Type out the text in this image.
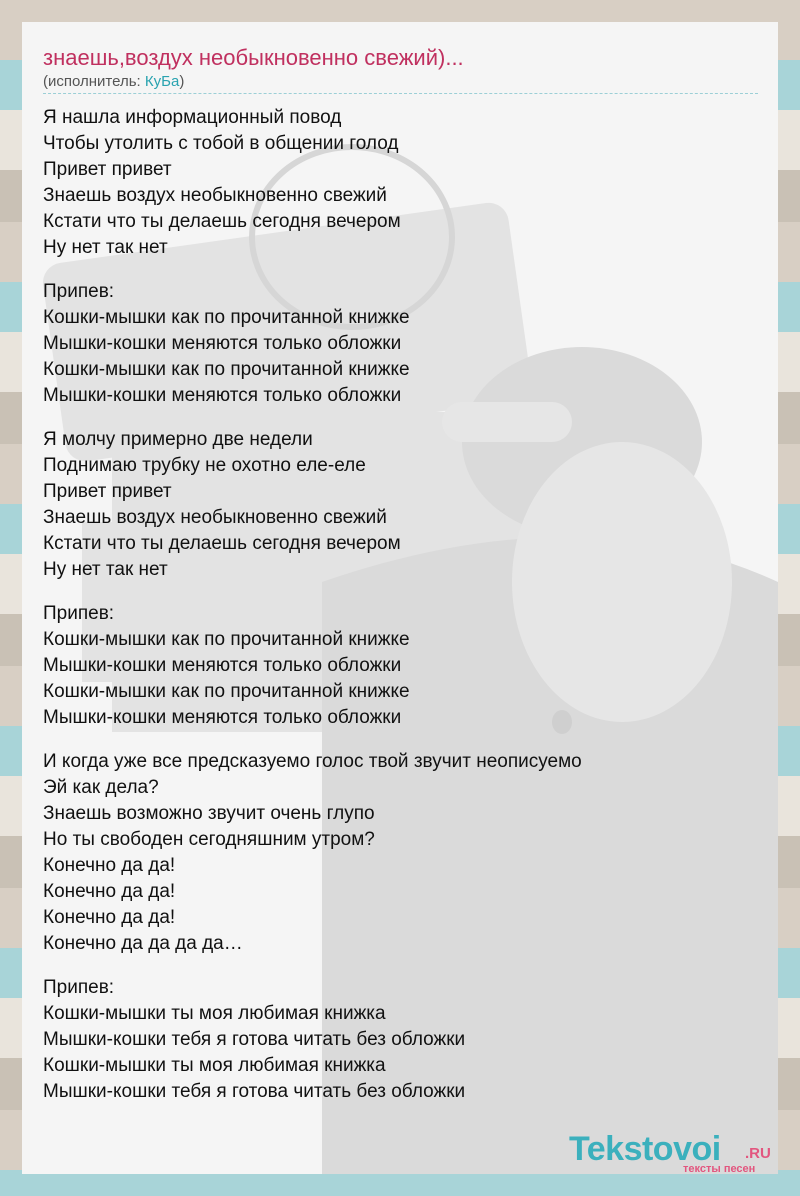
знаешь,воздух необыкновенно свежий)...
(исполнитель: КуБа)
Я нашла информационный повод
Чтобы утолить с тобой в общении голод
Привет привет
Знаешь воздух необыкновенно свежий
Кстати что ты делаешь сегодня вечером
Ну нет так нет
Припев:
Кошки-мышки как по прочитанной книжке
Мышки-кошки меняются только обложки
Кошки-мышки как по прочитанной книжке
Мышки-кошки меняются только обложки
Я молчу примерно две недели
Поднимаю трубку не охотно еле-еле
Привет привет
Знаешь воздух необыкновенно свежий
Кстати что ты делаешь сегодня вечером
Ну нет так нет
Припев:
Кошки-мышки как по прочитанной книжке
Мышки-кошки меняются только обложки
Кошки-мышки как по прочитанной книжке
Мышки-кошки меняются только обложки
И когда уже все предсказуемо голос твой звучит неописуемо
Эй как дела?
Знаешь возможно звучит очень глупо
Но ты свободен сегодняшним утром?
Конечно да да!
Конечно да да!
Конечно да да!
Конечно да да да да…
Припев:
Кошки-мышки ты моя любимая книжка
Мышки-кошки тебя я готова читать без обложки
Кошки-мышки ты моя любимая книжка
Мышки-кошки тебя я готова читать без обложки
Tekstovoi .RU
тексты песен
